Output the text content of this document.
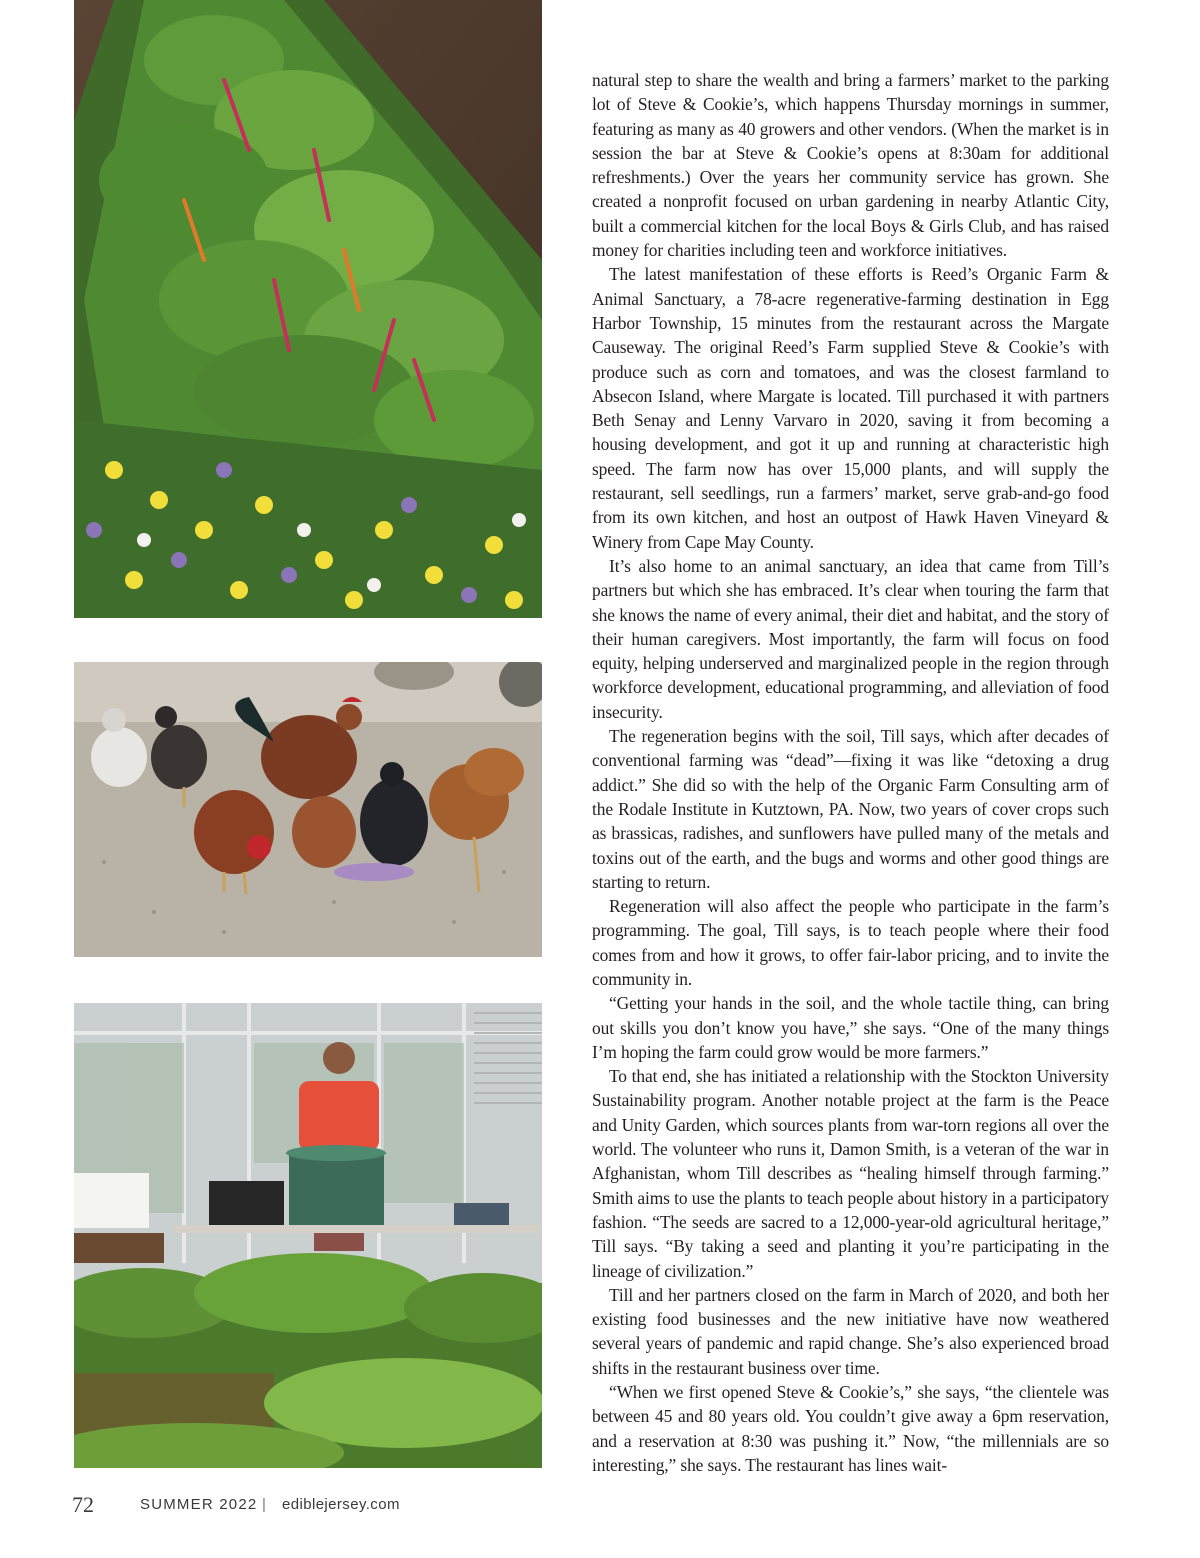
natural step to share the wealth and bring a farmers’ market to the parking lot of Steve & Cookie’s, which happens Thursday mornings in summer, featuring as many as 40 growers and other vendors. (When the market is in session the bar at Steve & Cookie’s opens at 8:30am for additional refreshments.) Over the years her community service has grown. She created a nonprofit focused on urban gardening in nearby Atlantic City, built a commercial kitchen for the local Boys & Girls Club, and has raised money for charities including teen and workforce initiatives.

The latest manifestation of these efforts is Reed’s Organic Farm & Animal Sanctuary, a 78-acre regenerative-farming destination in Egg Harbor Township, 15 minutes from the restaurant across the Margate Causeway. The original Reed’s Farm supplied Steve & Cookie’s with produce such as corn and tomatoes, and was the closest farmland to Absecon Island, where Margate is located. Till purchased it with partners Beth Senay and Lenny Varvaro in 2020, saving it from becoming a housing development, and got it up and running at characteristic high speed. The farm now has over 15,000 plants, and will supply the restaurant, sell seedlings, run a farmers’ market, serve grab-and-go food from its own kitchen, and host an outpost of Hawk Haven Vineyard & Winery from Cape May County.

It’s also home to an animal sanctuary, an idea that came from Till’s partners but which she has embraced. It’s clear when touring the farm that she knows the name of every animal, their diet and habitat, and the story of their human caregivers. Most importantly, the farm will focus on food equity, helping underserved and marginalized people in the region through workforce development, educational programming, and alleviation of food insecurity.

The regeneration begins with the soil, Till says, which after decades of conventional farming was “dead”—fixing it was like “detoxing a drug addict.” She did so with the help of the Organic Farm Consulting arm of the Rodale Institute in Kutztown, PA. Now, two years of cover crops such as brassicas, radishes, and sunflowers have pulled many of the metals and toxins out of the earth, and the bugs and worms and other good things are starting to return.

Regeneration will also affect the people who participate in the farm’s programming. The goal, Till says, is to teach people where their food comes from and how it grows, to offer fair-labor pricing, and to invite the community in.

“Getting your hands in the soil, and the whole tactile thing, can bring out skills you don’t know you have,” she says. “One of the many things I’m hoping the farm could grow would be more farmers.”

To that end, she has initiated a relationship with the Stockton University Sustainability program. Another notable project at the farm is the Peace and Unity Garden, which sources plants from war-torn regions all over the world. The volunteer who runs it, Damon Smith, is a veteran of the war in Afghanistan, whom Till describes as “healing himself through farming.” Smith aims to use the plants to teach people about history in a participatory fashion. “The seeds are sacred to a 12,000-year-old agricultural heritage,” Till says. “By taking a seed and planting it you’re participating in the lineage of civilization.”

Till and her partners closed on the farm in March of 2020, and both her existing food businesses and the new initiative have now weathered several years of pandemic and rapid change. She’s also experienced broad shifts in the restaurant business over time.

“When we first opened Steve & Cookie’s,” she says, “the clientele was between 45 and 80 years old. You couldn’t give away a 6pm reservation, and a reservation at 8:30 was pushing it.” Now, “the millennials are so interesting,” she says. The restaurant has lines wait-

72	SUMMER 2022 | ediblejersey.com
